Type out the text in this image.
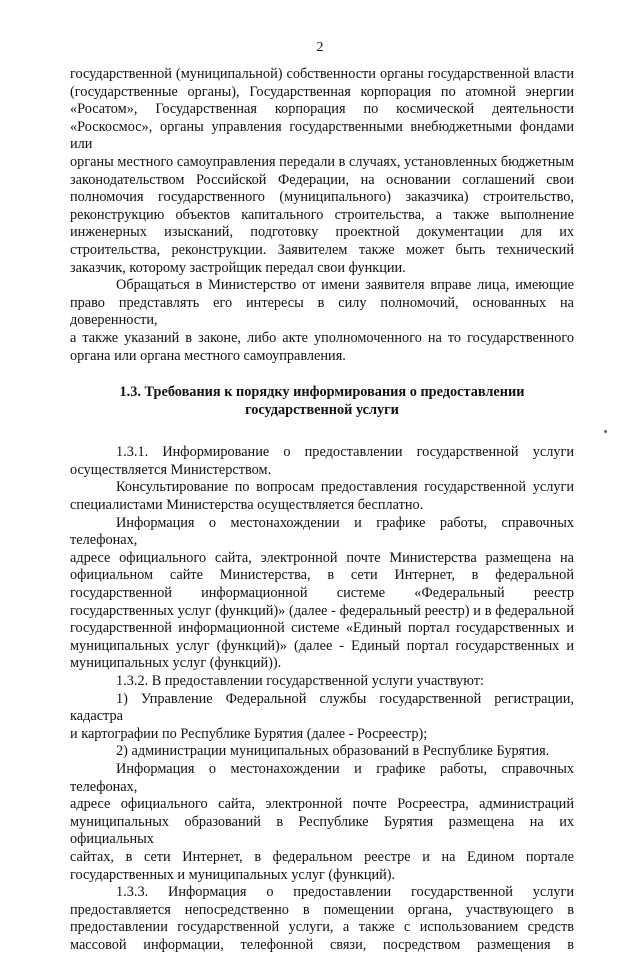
2
государственной (муниципальной) собственности органы государственной власти
(государственные органы), Государственная корпорация по атомной энергии
«Росатом», Государственная корпорация по космической деятельности
«Роскосмос», органы управления государственными внебюджетными фондами или
органы местного самоуправления передали в случаях, установленных бюджетным
законодательством Российской Федерации, на основании соглашений свои
полномочия государственного (муниципального) заказчика) строительство,
реконструкцию объектов капитального строительства, а также выполнение
инженерных изысканий, подготовку проектной документации для их
строительства, реконструкции. Заявителем также может быть технический
заказчик, которому застройщик передал свои функции.
Обращаться в Министерство от имени заявителя вправе лица, имеющие
право представлять его интересы в силу полномочий, основанных на доверенности,
а также указаний в законе, либо акте уполномоченного на то государственного
органа или органа местного самоуправления.
1.3. Требования к порядку информирования о предоставлении
государственной услуги
1.3.1. Информирование о предоставлении государственной услуги
осуществляется Министерством.
Консультирование по вопросам предоставления государственной услуги
специалистами Министерства осуществляется бесплатно.
Информация о местонахождении и графике работы, справочных телефонах,
адресе официального сайта, электронной почте Министерства размещена на
официальном сайте Министерства, в сети Интернет, в федеральной
государственной информационной системе «Федеральный реестр
государственных услуг (функций)» (далее - федеральный реестр) и в федеральной
государственной информационной системе «Единый портал государственных и
муниципальных услуг (функций)» (далее - Единый портал государственных и
муниципальных услуг (функций)).
1.3.2. В предоставлении государственной услуги участвуют:
1) Управление Федеральной службы государственной регистрации, кадастра
и картографии по Республике Бурятия (далее - Росреестр);
2) администрации муниципальных образований в Республике Бурятия.
Информация о местонахождении и графике работы, справочных телефонах,
адресе официального сайта, электронной почте Росреестра, администраций
муниципальных образований в Республике Бурятия размещена на их официальных
сайтах, в сети Интернет, в федеральном реестре и на Едином портале
государственных и муниципальных услуг (функций).
1.3.3. Информация о предоставлении государственной услуги
предоставляется непосредственно в помещении органа, участвующего в
предоставлении государственной услуги, а также с использованием средств
массовой информации, телефонной связи, посредством размещения в
